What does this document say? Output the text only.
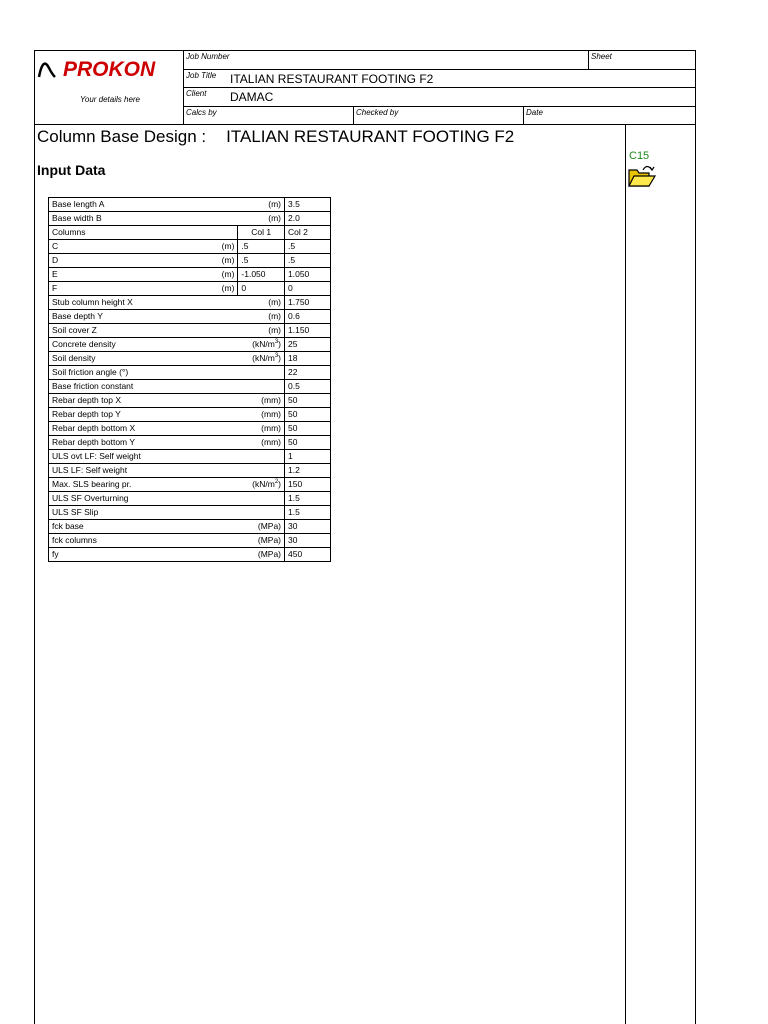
PROKON
Your details here
Job Number	Sheet
Job Title ITALIAN RESTAURANT FOOTING F2
Client DAMAC
Calcs by	Checked by	Date
Column Base Design : ITALIAN RESTAURANT FOOTING F2
Input Data
C15
Base length A (m)		3.5

Base width B (m)		2.0
Columns	Col 1	Col 2

C (m)	.5	.5

D (m)	.5	.5

E (m)	-1.050	1.050

F (m)	0	0

Stub column height X (m)		1.750

Base depth Y (m)		0.6

Soil cover Z (m)		1.150

Concrete density $(kN/m^3)$		25

Soil density $(kN/m^3)$		18

Soil friction angle (°)		22

Base friction constant		0.5

Rebar depth top X (mm)		50

Rebar depth top Y (mm)		50

Rebar depth bottom X (mm)		50

Rebar depth bottom Y (mm)		50

ULS ovt LF: Self weight		1

ULS LF: Self weight		1.2

Max. SLS bearing pr. $(kN/m^2)$		150

ULS SF Overturning		1.5

ULS SF Slip		1.5

fck base (MPa)		30

fck columns (MPa)		30

fy (MPa)		450
